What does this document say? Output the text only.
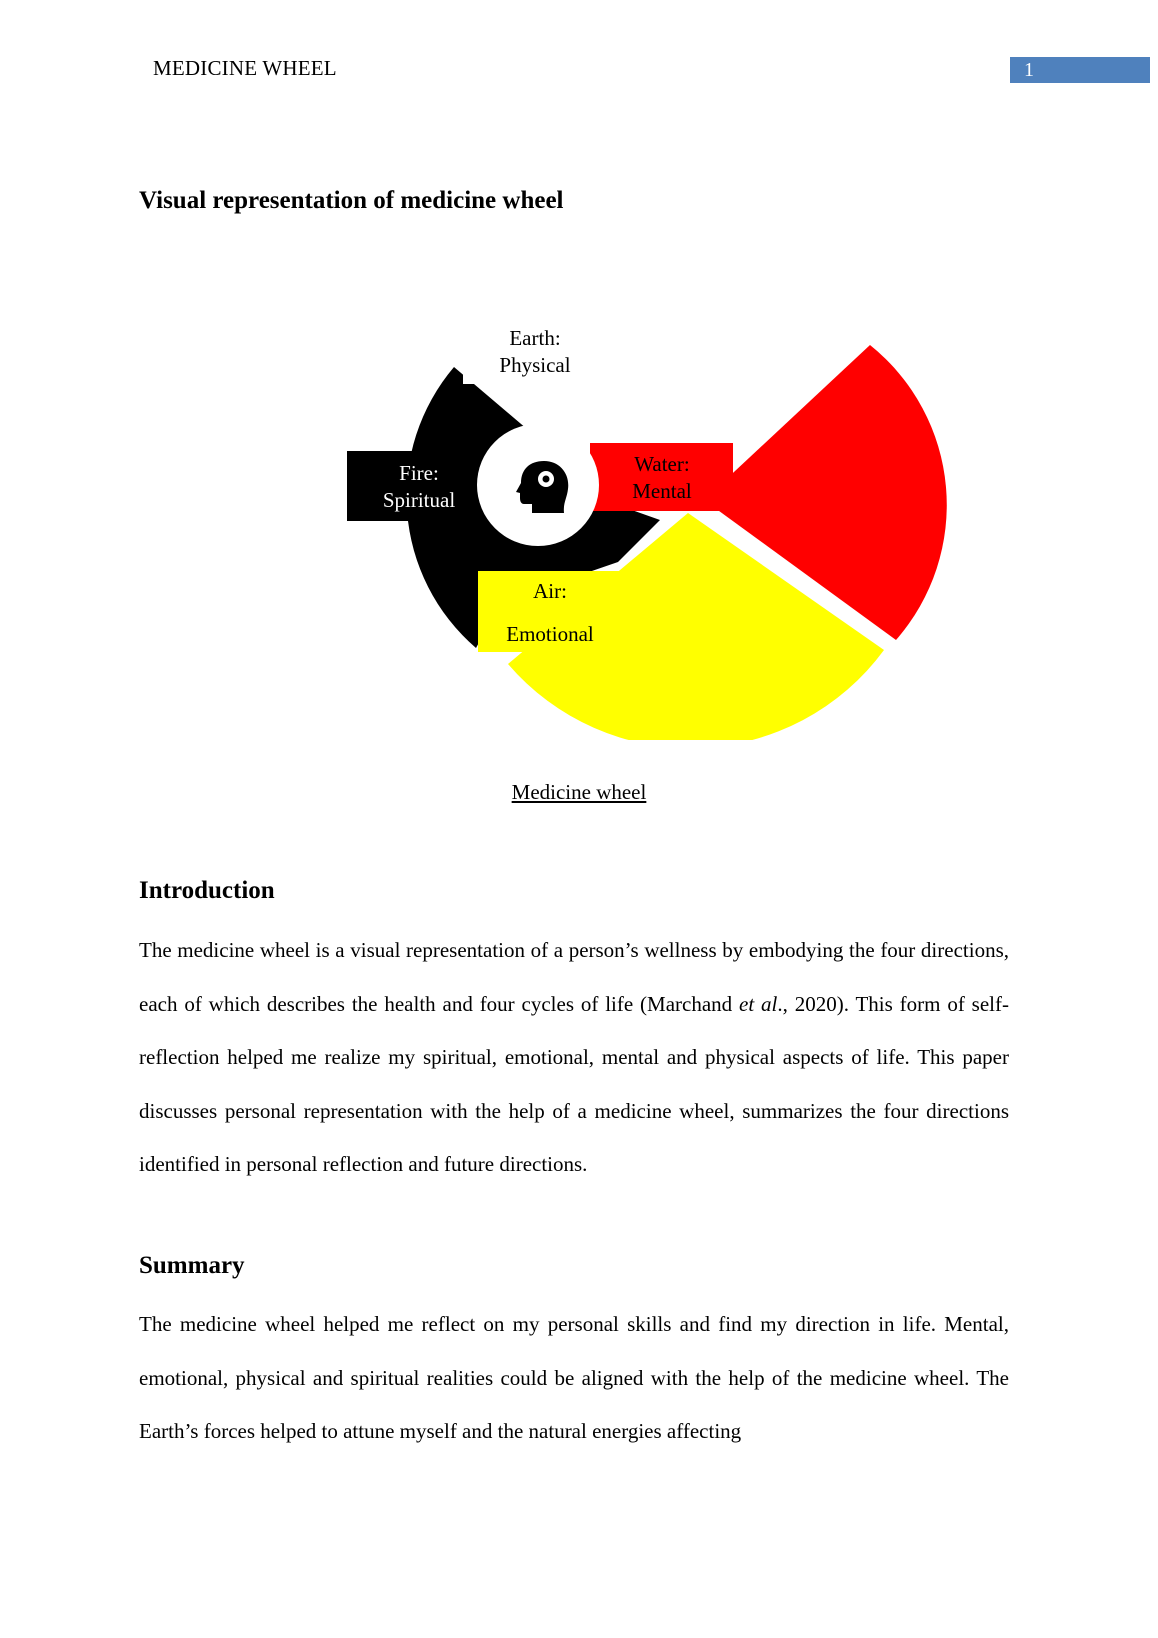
MEDICINE WHEEL	1
Visual representation of medicine wheel
Earth:
Physical
Fire:
Spiritual
Water:
Mental
Air:
Emotional
Medicine wheel
Introduction

The medicine wheel is a visual representation of a person’s wellness by embodying the four directions, each of which describes the health and four cycles of life (Marchand et al., 2020). This form of self-reflection helped me realize my spiritual, emotional, mental and physical aspects of life. This paper discusses personal representation with the help of a medicine wheel, summarizes the four directions identified in personal reflection and future directions.

Summary

The medicine wheel helped me reflect on my personal skills and find my direction in life. Mental, emotional, physical and spiritual realities could be aligned with the help of the medicine wheel. The Earth’s forces helped to attune myself and the natural energies affecting
